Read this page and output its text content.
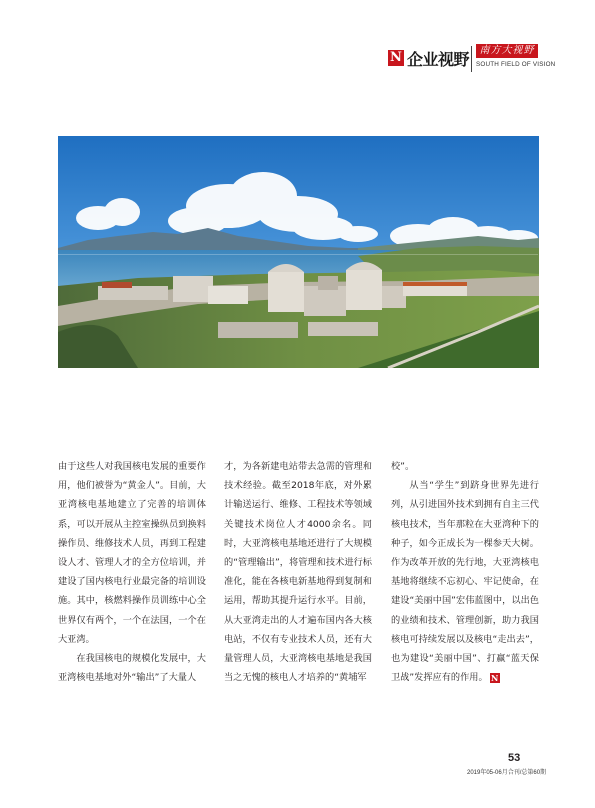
N 企业视野	南方大视野
SOUTH FIELD OF VISION

由于这些人对我国核电发展的重要作用，他们被誉为“黄金人”。目前，大亚湾核电基地建立了完善的培训体系，可以开展从主控室操纵员到换料操作员、维修技术人员，再到工程建设人才、管理人才的全方位培训，并建设了国内核电行业最完备的培训设施。其中，核燃料操作员训练中心全世界仅有两个，一个在法国，一个在大亚湾。

在我国核电的规模化发展中，大亚湾核电基地对外“输出”了大量人

才，为各新建电站带去急需的管理和技术经验。截至2018年底，对外累计输送运行、维修、工程技术等领域关键技术岗位人才4000余名。同时，大亚湾核电基地还进行了大规模的“管理输出”，将管理和技术进行标准化，能在各核电新基地得到复制和运用，帮助其提升运行水平。目前，从大亚湾走出的人才遍布国内各大核电站，不仅有专业技术人员，还有大量管理人员，大亚湾核电基地是我国当之无愧的核电人才培养的“黄埔军

校”。

从当“学生”到跻身世界先进行列，从引进国外技术到拥有自主三代核电技术，当年那粒在大亚湾种下的种子，如今正成长为一棵参天大树。作为改革开放的先行地，大亚湾核电基地将继续不忘初心、牢记使命，在建设“美丽中国”宏伟蓝图中，以出色的业绩和技术、管理创新，助力我国核电可持续发展以及核电“走出去”，也为建设“美丽中国”、打赢“蓝天保卫战”发挥应有的作用。 N

53
2019年05-06月合刊/总第60期
